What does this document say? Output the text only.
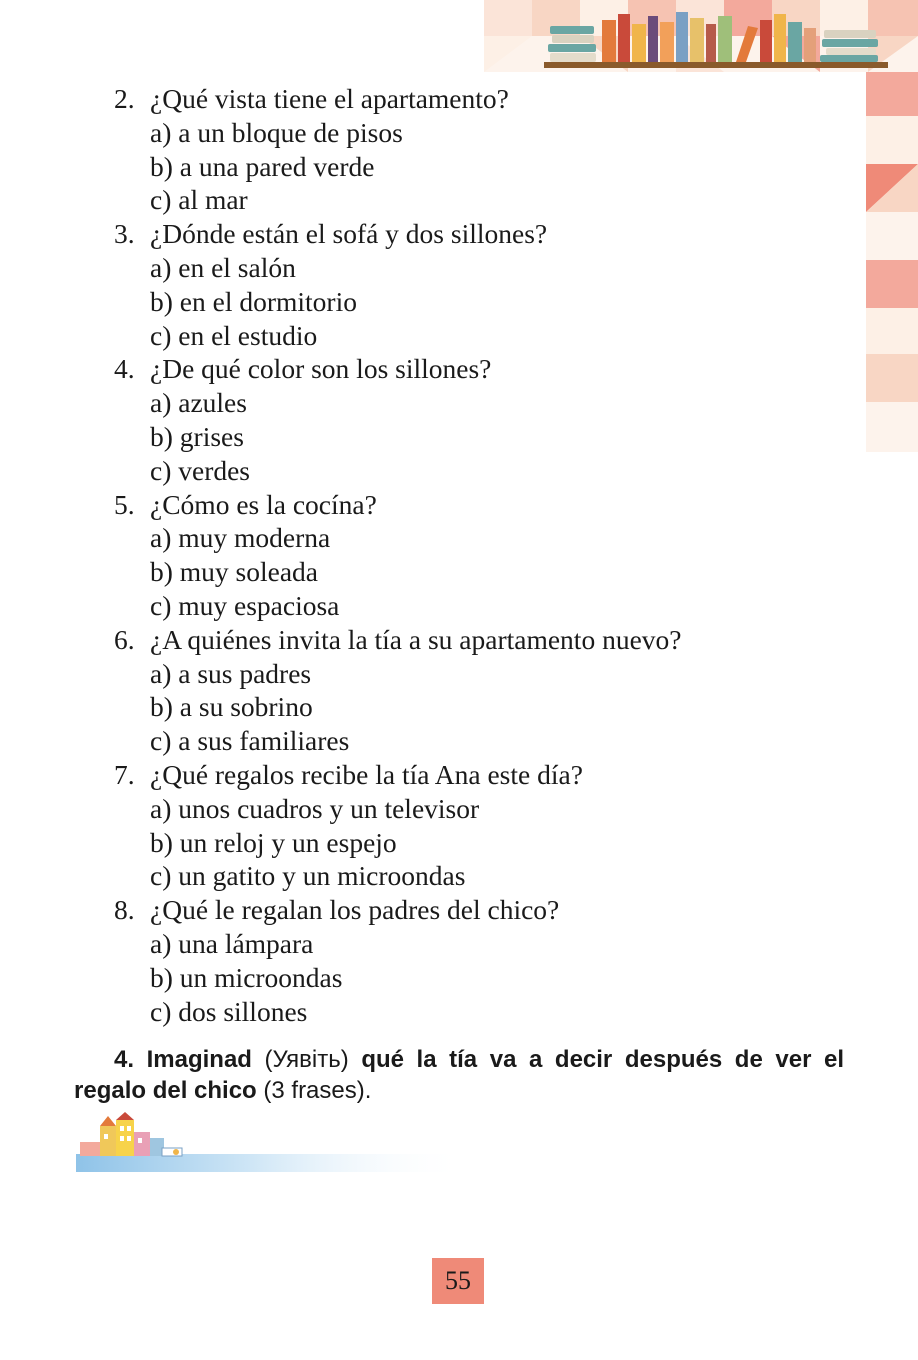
2. ¿Qué vista tiene el apartamento?
a) a un bloque de pisos
b) a una pared verde
c) al mar
3. ¿Dónde están el sofá y dos sillones?
a) en el salón
b) en el dormitorio
c) en el estudio
4. ¿De qué color son los sillones?
a) azules
b) grises
c) verdes
5. ¿Cómo es la cocína?
a) muy moderna
b) muy soleada
c) muy espaciosa
6. ¿A quiénes invita la tía a su apartamento nuevo?
a) a sus padres
b) a su sobrino
c) a sus familiares
7. ¿Qué regalos recibe la tía Ana este día?
a) unos cuadros y un televisor
b) un reloj y un espejo
c) un gatito y un microondas
8. ¿Qué le regalan los padres del chico?
a) una lámpara
b) un microondas
c) dos sillones
4. Imaginad (Уявіть) qué la tía va a decir después de ver el regalo del chico (3 frases).
55
